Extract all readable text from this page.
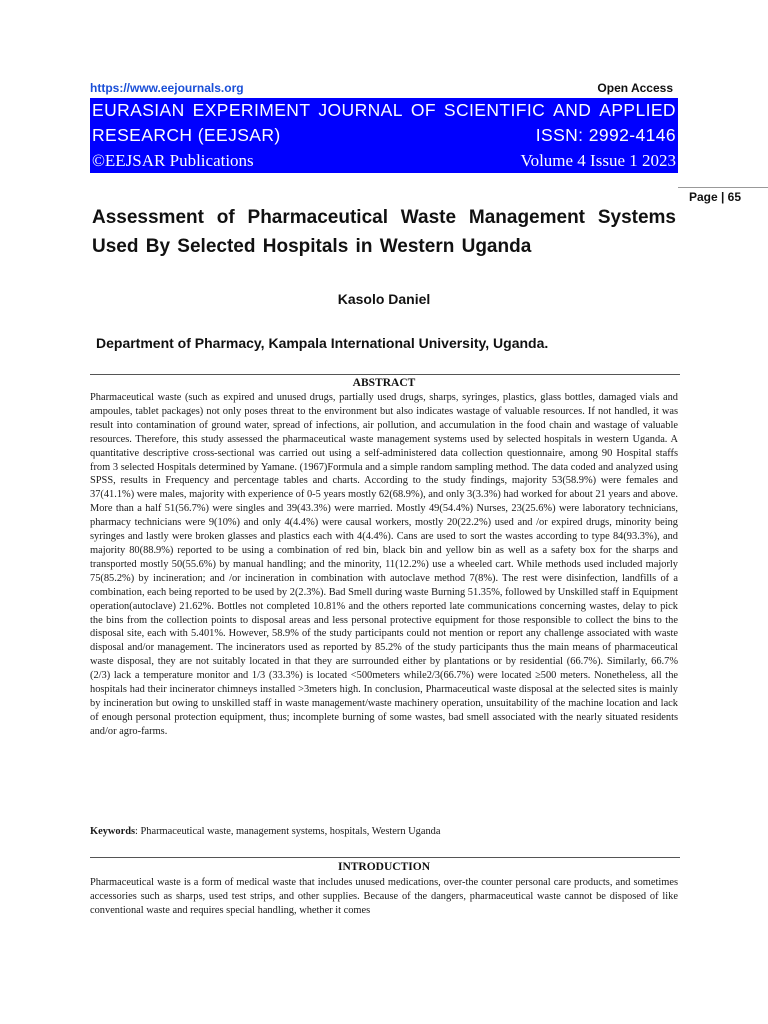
https://www.eejournals.org	Open Access
EURASIAN EXPERIMENT JOURNAL OF SCIENTIFIC AND APPLIED
RESEARCH (EEJSAR)	ISSN: 2992-4146
©EEJSAR Publications	Volume 4 Issue 1 2023
Page | 65
Assessment of Pharmaceutical Waste Management Systems Used By Selected Hospitals in Western Uganda
Kasolo Daniel
Department of Pharmacy, Kampala International University, Uganda.
ABSTRACT
Pharmaceutical waste (such as expired and unused drugs, partially used drugs, sharps, syringes, plastics, glass bottles, damaged vials and ampoules, tablet packages) not only poses threat to the environment but also indicates wastage of valuable resources. If not handled, it was result into contamination of ground water, spread of infections, air pollution, and accumulation in the food chain and wastage of valuable resources. Therefore, this study assessed the pharmaceutical waste management systems used by selected hospitals in western Uganda. A quantitative descriptive cross-sectional was carried out using a self-administered data collection questionnaire, among 90 Hospital staffs from 3 selected Hospitals determined by Yamane. (1967)Formula and a simple random sampling method. The data coded and analyzed using SPSS, results in Frequency and percentage tables and charts. According to the study findings, majority 53(58.9%) were females and 37(41.1%) were males, majority with experience of 0-5 years mostly 62(68.9%), and only 3(3.3%) had worked for about 21 years and above. More than a half 51(56.7%) were singles and 39(43.3%) were married. Mostly 49(54.4%) Nurses, 23(25.6%) were laboratory technicians, pharmacy technicians were 9(10%) and only 4(4.4%) were causal workers, mostly 20(22.2%) used and /or expired drugs, minority being syringes and lastly were broken glasses and plastics each with 4(4.4%). Cans are used to sort the wastes according to type 84(93.3%), and majority 80(88.9%) reported to be using a combination of red bin, black bin and yellow bin as well as a safety box for the sharps and transported mostly 50(55.6%) by manual handling; and the minority, 11(12.2%) use a wheeled cart. While methods used included majorly 75(85.2%) by incineration; and /or incineration in combination with autoclave method 7(8%). The rest were disinfection, landfills of a combination, each being reported to be used by 2(2.3%). Bad Smell during waste Burning 51.35%, followed by Unskilled staff in Equipment operation(autoclave) 21.62%. Bottles not completed 10.81% and the others reported late communications concerning wastes, delay to pick the bins from the collection points to disposal areas and less personal protective equipment for those responsible to collect the bins to the disposal site, each with 5.401%. However, 58.9% of the study participants could not mention or report any challenge associated with waste disposal and/or management. The incinerators used as reported by 85.2% of the study participants thus the main means of pharmaceutical waste disposal, they are not suitably located in that they are surrounded either by plantations or by residential (66.7%). Similarly, 66.7% (2/3) lack a temperature monitor and 1/3 (33.3%) is located <500meters while2/3(66.7%) were located ≥500 meters. Nonetheless, all the hospitals had their incinerator chimneys installed >3meters high. In conclusion, Pharmaceutical waste disposal at the selected sites is mainly by incineration but owing to unskilled staff in waste management/waste machinery operation, unsuitability of the machine location and lack of enough personal protection equipment, thus; incomplete burning of some wastes, bad smell associated with the nearly situated residents and/or agro-farms.
Keywords: Pharmaceutical waste, management systems, hospitals, Western Uganda
INTRODUCTION
Pharmaceutical waste is a form of medical waste that includes unused medications, over-the counter personal care products, and sometimes accessories such as sharps, used test strips, and other supplies. Because of the dangers, pharmaceutical waste cannot be disposed of like conventional waste and requires special handling, whether it comes
